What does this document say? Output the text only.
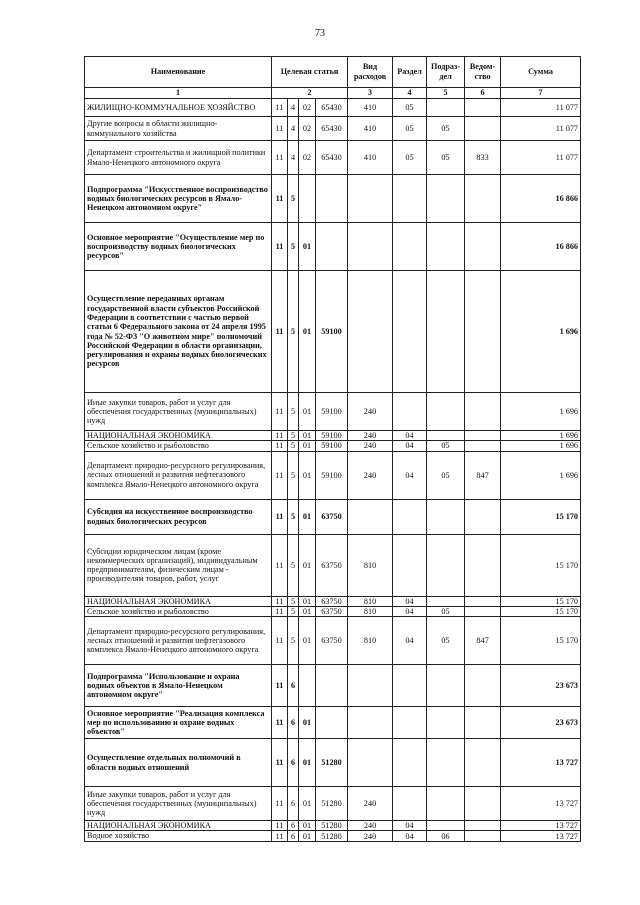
73
Наименование	Целевая статья				Вид расходов	Раздел	Подраз-дел	Ведом-ство	Сумма
1	2				3	4	5	6	7
ЖИЛИЩНО-КОММУНАЛЬНОЕ ХОЗЯЙСТВО	11	4	02	65430	410	05			11 077
Другие вопросы в области жилищно-коммунального хозяйства	11	4	02	65430	410	05	05		11 077
Департамент строительства и жилищной политики Ямало-Ненецкого автономного округа	11	4	02	65430	410	05	05	833	11 077
Подпрограмма "Искусственное воспроизводство водных биологических ресурсов в Ямало-Ненецком автономном округе"	11	5							16 866
Основное мероприятие "Осуществление мер по воспроизводству водных биологических ресурсов"	11	5	01						16 866
Осуществление переданных органам государственной власти субъектов Российской Федерации в соответствии с частью первой статьи 6 Федерального закона от 24 апреля 1995 года № 52-ФЗ "О животном мире" полномочий Российской Федерации в области организации, регулирования и охраны водных биологических ресурсов	11	5	01	59100					1 696
Иные закупки товаров, работ и услуг для обеспечения государственных (муниципальных) нужд	11	5	01	59100	240				1 696
НАЦИОНАЛЬНАЯ ЭКОНОМИКА	11	5	01	59100	240	04			1 696
Сельское хозяйство и рыболовство	11	5	01	59100	240	04	05		1 696
Департамент природно-ресурсного регулирования, лесных отношений и развития нефтегазового комплекса Ямало-Ненецкого автономного округа	11	5	01	59100	240	04	05	847	1 696
Субсидия на искусственное воспроизводство водных биологических ресурсов	11	5	01	63750					15 170
Субсидии юридическим лицам (кроме некоммерческих организаций), индивидуальным предпринимателям, физическим лицам - производителям товаров, работ, услуг	11	5	01	63750	810				15 170
НАЦИОНАЛЬНАЯ ЭКОНОМИКА	11	5	01	63750	810	04			15 170
Сельское хозяйство и рыболовство	11	5	01	63750	810	04	05		15 170
Департамент природно-ресурсного регулирования, лесных отношений и развития нефтегазового комплекса Ямало-Ненецкого автономного округа	11	5	01	63750	810	04	05	847	15 170
Подпрограмма "Использование и охрана водных объектов в Ямало-Ненецком автономном округе"	11	6							23 673
Основное мероприятие "Реализация комплекса мер по использованию и охране водных объектов"	11	6	01						23 673
Осуществление отдельных полномочий в области водных отношений	11	6	01	51280					13 727
Иные закупки товаров, работ и услуг для обеспечения государственных (муниципальных) нужд	11	6	01	51280	240				13 727
НАЦИОНАЛЬНАЯ ЭКОНОМИКА	11	6	01	51280	240	04			13 727
Водное хозяйство	11	6	01	51280	240	04	06		13 727
